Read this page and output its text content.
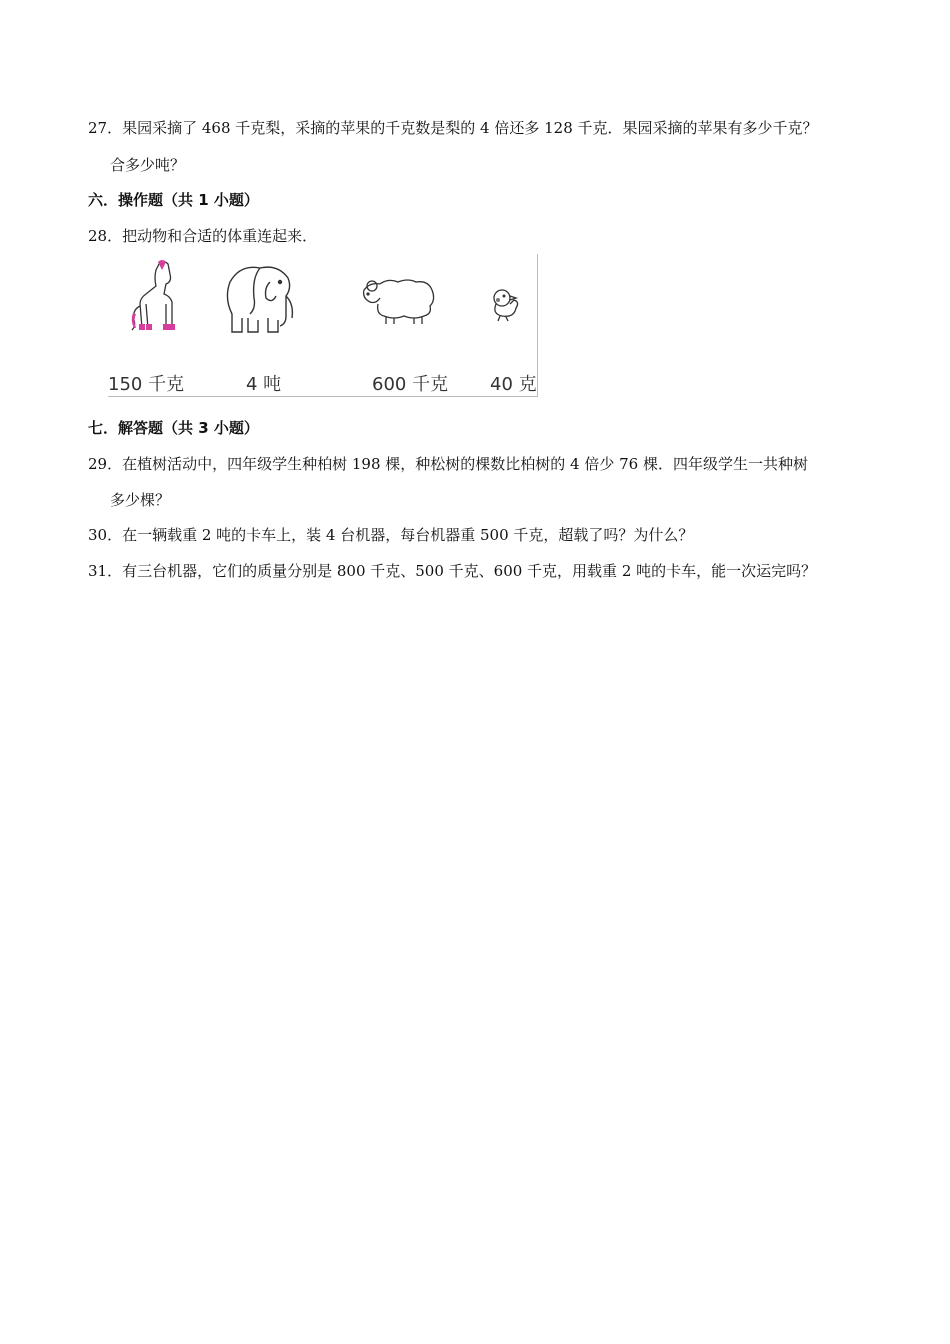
27．果园采摘了 468 千克梨，采摘的苹果的千克数是梨的 4 倍还多 128 千克．果园采摘的苹果有多少千克？
合多少吨？
六．操作题（共 1 小题）
28．把动物和合适的体重连起来．
150 千克	4 吨	600 千克 40 克
七．解答题（共 3 小题）
29．在植树活动中，四年级学生种柏树 198 棵，种松树的棵数比柏树的 4 倍少 76 棵．四年级学生一共种树
多少棵？
30．在一辆载重 2 吨的卡车上，装 4 台机器，每台机器重 500 千克，超载了吗？为什么？
31．有三台机器，它们的质量分别是 800 千克、500 千克、600 千克，用载重 2 吨的卡车，能一次运完吗？
